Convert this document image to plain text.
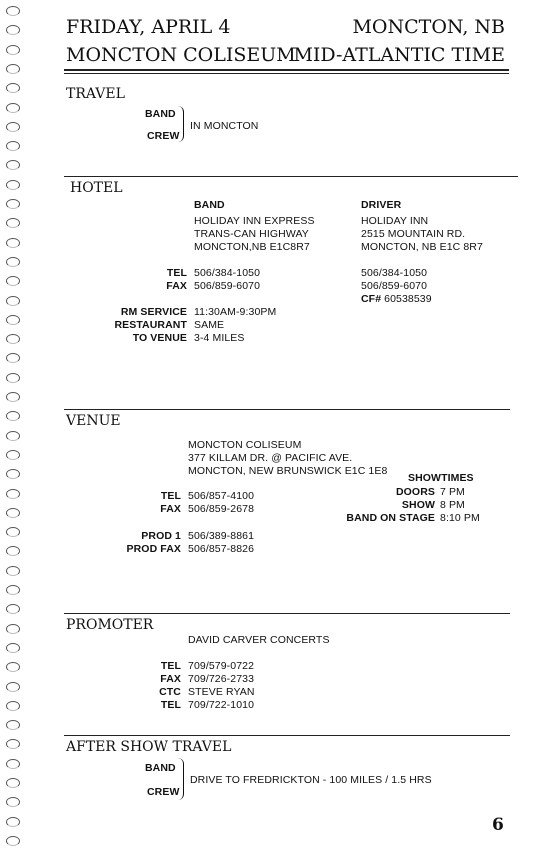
FRIDAY, APRIL 4	MONCTON, NB
MONCTON COLISEUM
MID-ATLANTIC TIME
TRAVEL
BAND
CREW
IN MONCTON
HOTEL
BAND
HOLIDAY INN EXPRESS
TRANS-CAN HIGHWAY
MONCTON,NB E1C8R7
DRIVER
HOLIDAY INN
2515 MOUNTAIN RD.
MONCTON, NB E1C 8R7
TEL
FAX
506/384-1050
506/859-6070
506/384-1050
506/859-6070
CF# 60538539
RM SERVICE
RESTAURANT
TO VENUE
11:30AM-9:30PM
SAME
3-4 MILES
VENUE
MONCTON COLISEUM
377 KILLAM DR. @ PACIFIC AVE.
MONCTON, NEW BRUNSWICK E1C 1E8
TEL
FAX
506/857-4100
506/859-2678
PROD 1
PROD FAX
506/389-8861
506/857-8826
SHOWTIMES
DOORS
SHOW
BAND ON STAGE
7 PM
8 PM
8:10 PM
PROMOTER
DAVID CARVER CONCERTS
TEL
FAX
CTC
TEL
709/579-0722
709/726-2733
STEVE RYAN
709/722-1010
AFTER SHOW TRAVEL
BAND
CREW
DRIVE TO FREDRICKTON - 100 MILES / 1.5 HRS
6
